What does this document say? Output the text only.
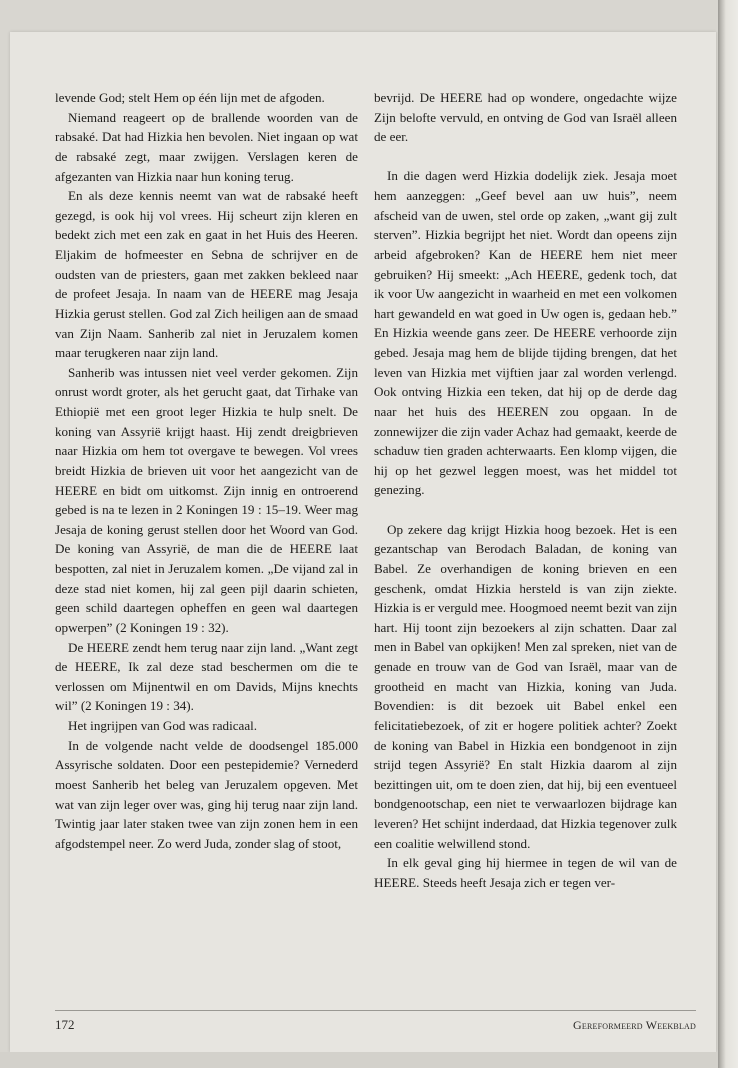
levende God; stelt Hem op één lijn met de afgoden.

Niemand reageert op de brallende woorden van de rabsaké. Dat had Hizkia hen bevolen. Niet ingaan op wat de rabsaké zegt, maar zwijgen. Verslagen keren de afgezanten van Hizkia naar hun koning terug.

En als deze kennis neemt van wat de rabsaké heeft gezegd, is ook hij vol vrees. Hij scheurt zijn kleren en bedekt zich met een zak en gaat in het Huis des Heeren. Eljakim de hofmeester en Sebna de schrijver en de oudsten van de priesters, gaan met zakken bekleed naar de profeet Jesaja. In naam van de HEERE mag Jesaja Hizkia gerust stellen. God zal Zich heiligen aan de smaad van Zijn Naam. Sanherib zal niet in Jeruzalem komen maar terugkeren naar zijn land.

Sanherib was intussen niet veel verder gekomen. Zijn onrust wordt groter, als het gerucht gaat, dat Tirhake van Ethiopië met een groot leger Hizkia te hulp snelt. De koning van Assyrië krijgt haast. Hij zendt dreigbrieven naar Hizkia om hem tot overgave te bewegen. Vol vrees breidt Hizkia de brieven uit voor het aangezicht van de HEERE en bidt om uitkomst. Zijn innig en ontroerend gebed is na te lezen in 2 Koningen 19 : 15–19. Weer mag Jesaja de koning gerust stellen door het Woord van God. De koning van Assyrië, de man die de HEERE laat bespotten, zal niet in Jeruzalem komen. „De vijand zal in deze stad niet komen, hij zal geen pijl daarin schieten, geen schild daartegen opheffen en geen wal daartegen opwerpen” (2 Koningen 19 : 32).

De HEERE zendt hem terug naar zijn land. „Want zegt de HEERE, Ik zal deze stad beschermen om die te verlossen om Mijnentwil en om Davids, Mijns knechts wil” (2 Koningen 19 : 34).

Het ingrijpen van God was radicaal.

In de volgende nacht velde de doodsengel 185.000 Assyrische soldaten. Door een pestepidemie? Vernederd moest Sanherib het beleg van Jeruzalem opgeven. Met wat van zijn leger over was, ging hij terug naar zijn land. Twintig jaar later staken twee van zijn zonen hem in een afgodstempel neer. Zo werd Juda, zonder slag of stoot,

bevrijd. De HEERE had op wondere, ongedachte wijze Zijn belofte vervuld, en ontving de God van Israël alleen de eer.

In die dagen werd Hizkia dodelijk ziek. Jesaja moet hem aanzeggen: „Geef bevel aan uw huis”, neem afscheid van de uwen, stel orde op zaken, „want gij zult sterven”. Hizkia begrijpt het niet. Wordt dan opeens zijn arbeid afgebroken? Kan de HEERE hem niet meer gebruiken? Hij smeekt: „Ach HEERE, gedenk toch, dat ik voor Uw aangezicht in waarheid en met een volkomen hart gewandeld en wat goed in Uw ogen is, gedaan heb.” En Hizkia weende gans zeer. De HEERE verhoorde zijn gebed. Jesaja mag hem de blijde tijding brengen, dat het leven van Hizkia met vijftien jaar zal worden verlengd. Ook ontving Hizkia een teken, dat hij op de derde dag naar het huis des HEEREN zou opgaan. In de zonnewijzer die zijn vader Achaz had gemaakt, keerde de schaduw tien graden achterwaarts. Een klomp vijgen, die hij op het gezwel leggen moest, was het middel tot genezing.

Op zekere dag krijgt Hizkia hoog bezoek. Het is een gezantschap van Berodach Baladan, de koning van Babel. Ze overhandigen de koning brieven en een geschenk, omdat Hizkia hersteld is van zijn ziekte. Hizkia is er verguld mee. Hoogmoed neemt bezit van zijn hart. Hij toont zijn bezoekers al zijn schatten. Daar zal men in Babel van opkijken! Men zal spreken, niet van de genade en trouw van de God van Israël, maar van de grootheid en macht van Hizkia, koning van Juda. Bovendien: is dit bezoek uit Babel enkel een felicitatiebezoek, of zit er hogere politiek achter? Zoekt de koning van Babel in Hizkia een bondgenoot in zijn strijd tegen Assyrië? En stalt Hizkia daarom al zijn bezittingen uit, om te doen zien, dat hij, bij een eventueel bondgenootschap, een niet te verwaarlozen bijdrage kan leveren? Het schijnt inderdaad, dat Hizkia tegenover zulk een coalitie welwillend stond.

In elk geval ging hij hiermee in tegen de wil van de HEERE. Steeds heeft Jesaja zich er tegen ver-

172	Gereformeerd Weekblad
